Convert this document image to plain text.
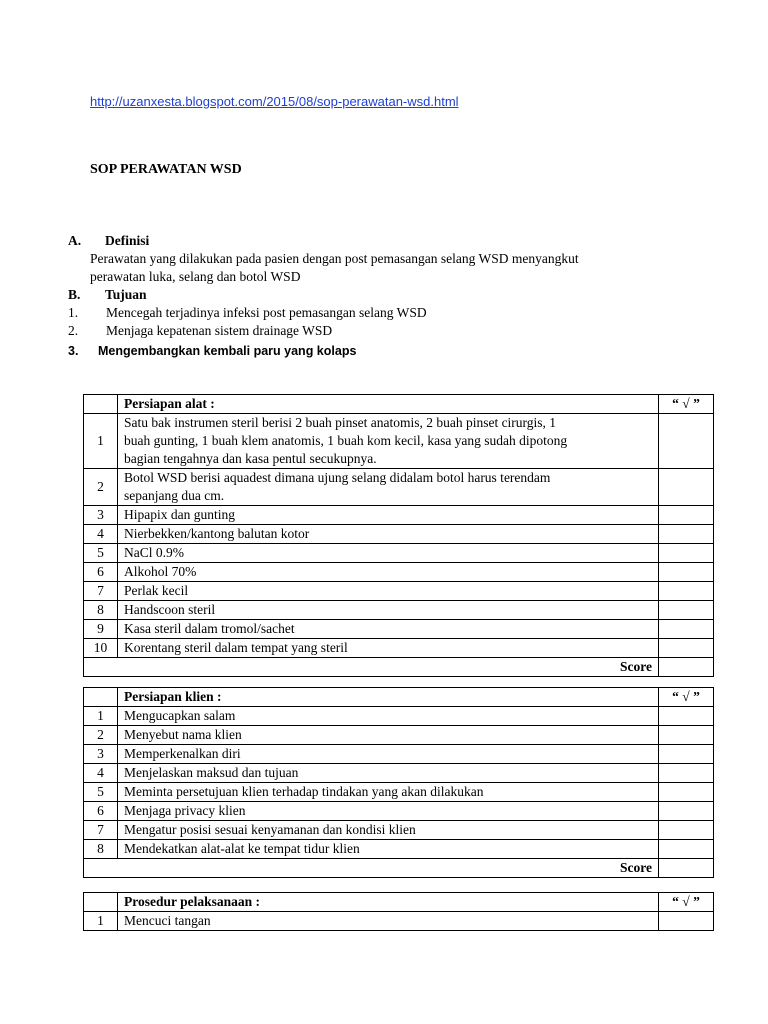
http://uzanxesta.blogspot.com/2015/08/sop-perawatan-wsd.html
SOP PERAWATAN WSD
A.	Definisi
Perawatan yang dilakukan pada pasien dengan post pemasangan selang WSD menyangkut
perawatan luka, selang dan botol WSD
B.	Tujuan
1.	Mencegah terjadinya infeksi post pemasangan selang WSD
2.	Menjaga kepatenan sistem drainage WSD
3.	Mengembangkan kembali paru yang kolaps
	Persiapan alat :	“ √ ”
1	Satu bak instrumen steril berisi 2 buah pinset anatomis, 2 buah pinset cirurgis, 1
buah gunting, 1 buah klem anatomis, 1 buah kom kecil, kasa yang sudah dipotong
bagian tengahnya dan kasa pentul secukupnya.	

2	Botol WSD berisi aquadest dimana ujung selang didalam botol harus terendam
sepanjang dua cm.	

3	Hipapix dan gunting	

4	Nierbekken/kantong balutan kotor	

5	NaCl 0.9%	

6	Alkohol 70%	

7	Perlak kecil	

8	Handscoon steril	

9	Kasa steril dalam tromol/sachet	

10	Korentang steril dalam tempat yang steril	

Score		
	Persiapan klien :	“ √ ”
1	Mengucapkan salam	

2	Menyebut nama klien	

3	Memperkenalkan diri	

4	Menjelaskan maksud dan tujuan	

5	Meminta persetujuan klien terhadap tindakan yang akan dilakukan	

6	Menjaga privacy klien	

7	Mengatur posisi sesuai kenyamanan dan kondisi klien	

8	Mendekatkan alat-alat ke tempat tidur klien	

Score		
	Prosedur pelaksanaan :	“ √ ”
1	Mencuci tangan	
